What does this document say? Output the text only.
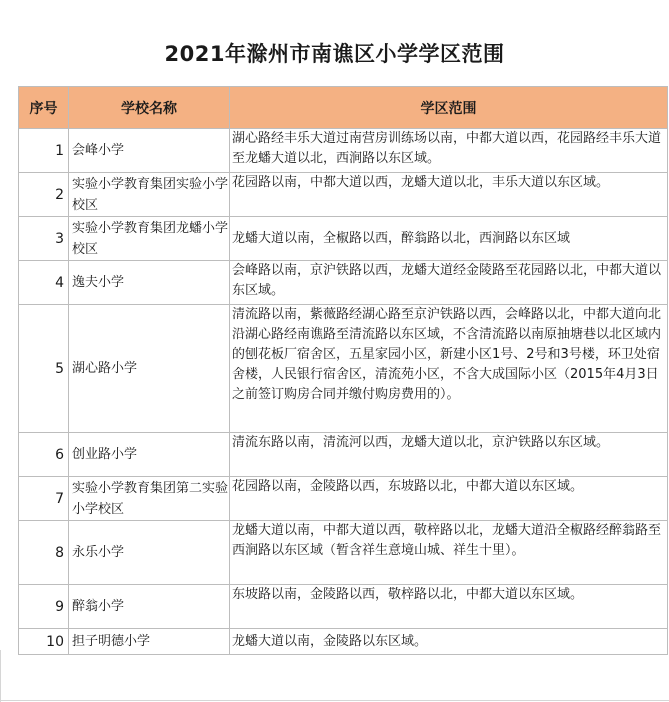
2021年滁州市南谯区小学学区范围
序号	学校名称	学区范围
1	会峰小学	湖心路经丰乐大道过南营房训练场以南，中都大道以西，花园路经丰乐大道至龙蟠大道以北，西涧路以东区域。
2	实验小学教育集团实验小学校区	花园路以南，中都大道以西，龙蟠大道以北，丰乐大道以东区域。
3	实验小学教育集团龙蟠小学校区	龙蟠大道以南，全椒路以西，醉翁路以北，西涧路以东区域
4	逸夫小学	会峰路以南，京沪铁路以西，龙蟠大道经金陵路至花园路以北，中都大道以东区域。
5	湖心路小学	清流路以南，紫薇路经湖心路至京沪铁路以西，会峰路以北，中都大道向北沿湖心路经南谯路至清流路以东区域，不含清流路以南原抽塘巷以北区域内的刨花板厂宿舍区，五星家园小区，新建小区1号、2号和3号楼，环卫处宿舍楼，人民银行宿舍区，清流苑小区，不含大成国际小区（2015年4月3日之前签订购房合同并缴付购房费用的）。
6	创业路小学	清流东路以南，清流河以西，龙蟠大道以北，京沪铁路以东区域。
7	实验小学教育集团第二实验小学校区	花园路以南，金陵路以西，东坡路以北，中都大道以东区域。
8	永乐小学	龙蟠大道以南，中都大道以西，敬梓路以北，龙蟠大道沿全椒路经醉翁路至西涧路以东区域（暂含祥生意境山城、祥生十里）。
9	醉翁小学	东坡路以南，金陵路以西，敬梓路以北，中都大道以东区域。
10	担子明德小学	龙蟠大道以南，金陵路以东区域。
